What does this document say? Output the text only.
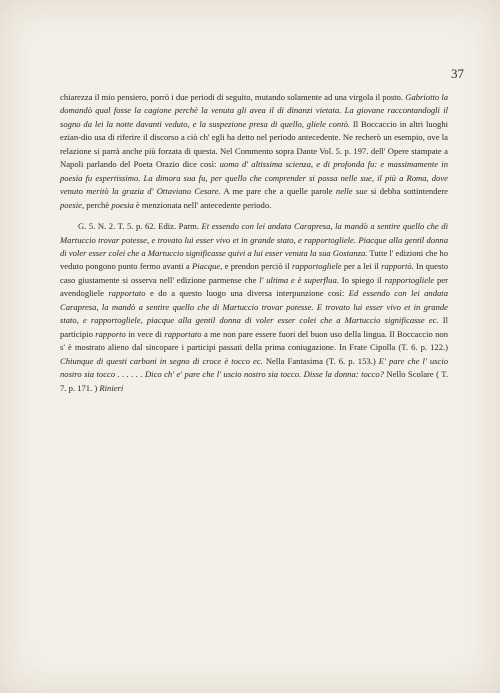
37

chiarezza il mio pensiero, porrò i due periodi di seguito, mutando solamente ad una virgola il posto. Gabriotto la domandò qual fosse la cagione perchè la venuta gli avea il di dinanzi vietata. La giovane raccontandogli il sogno da lei la notte davanti veduto, e la suspezione presa di quello, gliele contò. Il Boccaccio in altri luoghi ezian-dio usa di riferire il discorso a ciò ch' egli ha detto nel periodo antecedente. Ne recherò un esempio, ove la relazione si parrà anche più forzata di questa. Nel Commento sopra Dante Vol. 5. p. 197. dell' Opere stampate a Napoli parlando del Poeta Orazio dice così: uomo d' altissima scienza, e di profonda fu: e massimamente in poesia fu espertissimo. La dimora sua fu, per quello che comprender si possa nelle sue, il più a Roma, dove venuto meritò la grazia d' Ottaviano Cesare. A me pare che a quelle parole nelle sue si debba sottintendere poesie, perchè poesia è menzionata nell' antecedente periodo.

G. 5. N. 2. T. 5. p. 62. Ediz. Parm. Et essendo con lei andata Carapresa, la mandò a sentire quello che di Martuccio trovar potesse, e trovato lui esser vivo et in grande stato, e rapportogliele. Piacque alla gentil donna di voler esser colei che a Martuccio significasse quivi a lui esser venuta la sua Gostanza. Tutte l' edizioni che ho veduto pongono punto fermo avanti a Piacque, e prendon perciò il rapportogliele per a lei il rapportò. In questo caso giustamente si osserva nell' edizione parmense che l' ultima e è superflua. Io spiego il rapportogliele per avendogliele rapportato e do a questo luogo una diversa interpunzione così: Ed essendo con lei andata Carapresa, la mandò a sentire quello che di Martuccio trovar potesse. E trovato lui esser vivo et in grande stato, e rapportogliele, piacque alla gentil donna di voler esser colei che a Martuccio significasse ec. Il participio rapporto in vece di rapportato a me non pare essere fuori del buon uso della lingua. Il Boccaccio non s' è mostrato alieno dal sincopare i participi passati della prima coniugazione. In Frate Cipolla (T. 6. p. 122.) Chiunque di questi carboni in segno di croce è tocco ec. Nella Fantasima (T. 6. p. 153.) E' pare che l' uscio nostro sia tocco . . . . . . Dico ch' e' pare che l' uscio nostro sia tocco. Disse la donna: tocco? Nello Scolare ( T. 7. p. 171. ) Rinieri
